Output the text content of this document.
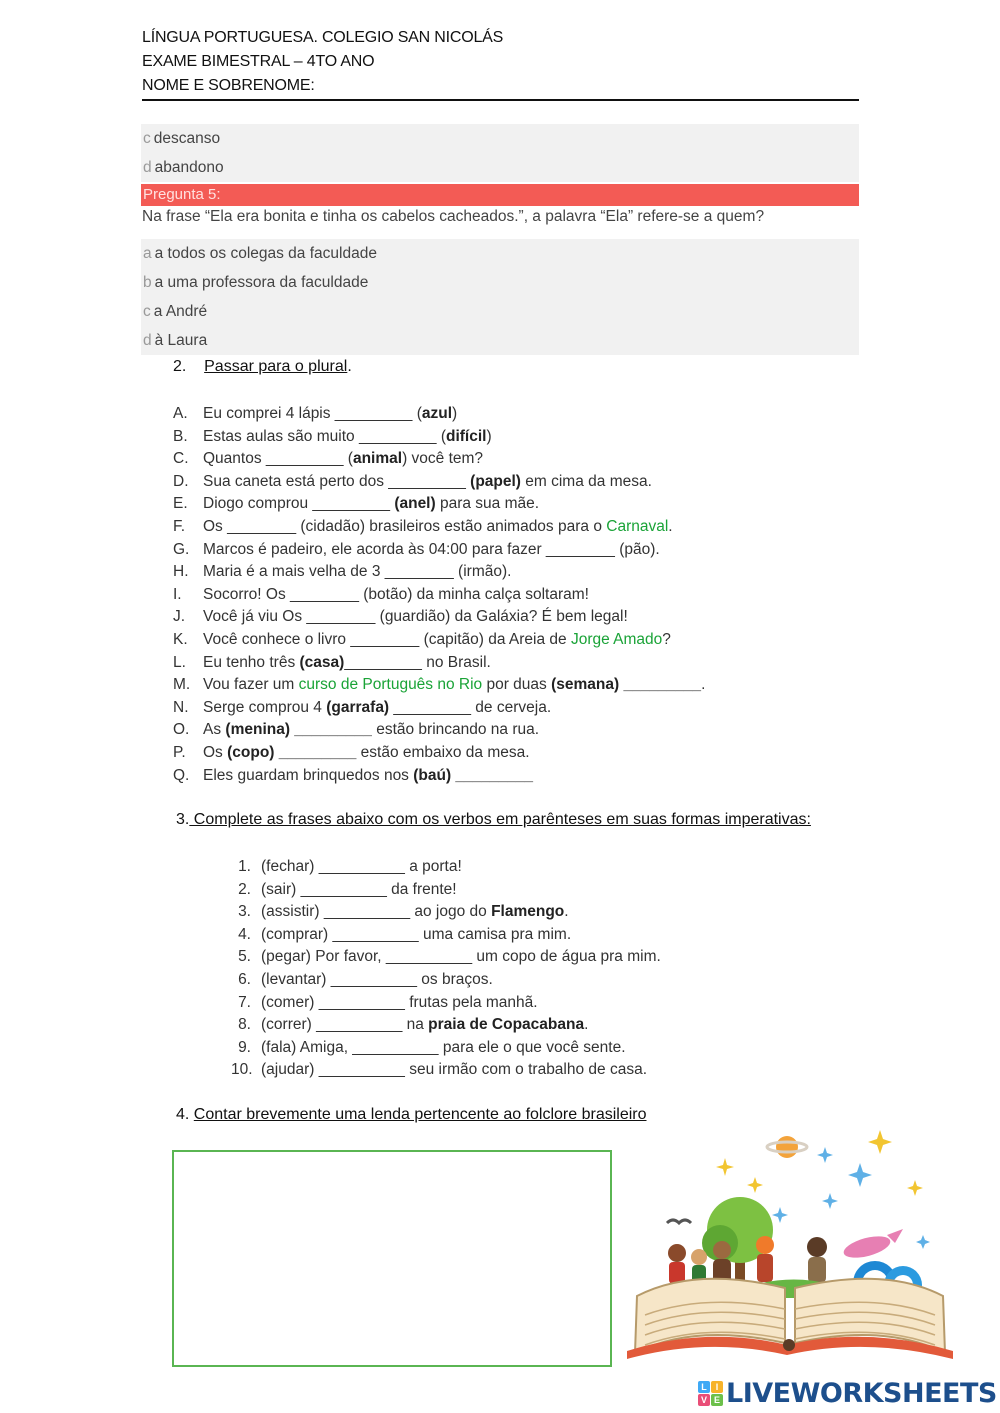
LÍNGUA PORTUGUESA. COLEGIO SAN NICOLÁS
EXAME BIMESTRAL – 4TO ANO
NOME E SOBRENOME:
c descanso
d abandono
Pregunta 5:
Na frase “Ela era bonita e tinha os cabelos cacheados.”, a palavra “Ela” refere-se a quem?
a a todos os colegas da faculdade
b a uma professora da faculdade
c a André
d à Laura
2. Passar para o plural.
A. Eu comprei 4 lápis _________ (azul)
B. Estas aulas são muito _________ (difícil)
C. Quantos _________ (animal) você tem?
D. Sua caneta está perto dos _________ (papel) em cima da mesa.
E. Diogo comprou _________ (anel) para sua mãe.
F. Os ________ (cidadão) brasileiros estão animados para o Carnaval.
G. Marcos é padeiro, ele acorda às 04:00 para fazer ________ (pão).
H. Maria é a mais velha de 3 ________ (irmão).
I. Socorro! Os ________ (botão) da minha calça soltaram!
J. Você já viu Os ________ (guardião) da Galáxia? É bem legal!
K. Você conhece o livro ________ (capitão) da Areia de Jorge Amado?
L. Eu tenho três (casa)_________ no Brasil.
M. Vou fazer um curso de Português no Rio por duas (semana) _________.
N. Serge comprou 4 (garrafa) _________ de cerveja.
O. As (menina) _________ estão brincando na rua.
P. Os (copo) _________ estão embaixo da mesa.
Q. Eles guardam brinquedos nos (baú) _________
3. Complete as frases abaixo com os verbos em parênteses em suas formas imperativas:
1. (fechar) __________ a porta!
2. (sair) __________ da frente!
3. (assistir) __________ ao jogo do Flamengo.
4. (comprar) __________ uma camisa pra mim.
5. (pegar) Por favor, __________ um copo de água pra mim.
6. (levantar) __________ os braços.
7. (comer) __________ frutas pela manhã.
8. (correr) __________ na praia de Copacabana.
9. (fala) Amiga, __________ para ele o que você sente.
10. (ajudar) __________ seu irmão com o trabalho de casa.
4. Contar brevemente uma lenda pertencente ao folclore brasileiro
L I
V E LIVEWORKSHEETS
